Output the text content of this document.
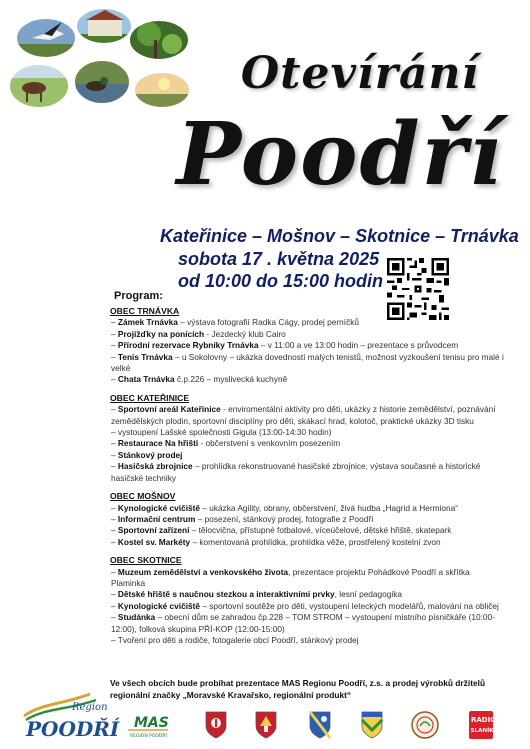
Otevírání
Poodří
Kateřinice – Mošnov – Skotnice – Trnávka
sobota 17 . května 2025
od 10:00 do 15:00 hodin
Program:
OBEC TRNÁVKA
– Zámek Trnávka – výstava fotografií Radka Cágy, prodej perníčků
– Projížďky na ponících - Jezdecký klub Cairo
– Přírodní rezervace Rybníky Trnávka – v 11:00 a ve 13:00 hodin – prezentace s průvodcem
– Tenis Trnávka – u Sokolovny – ukázka dovedností malých tenistů, možnost vyzkoušení tenisu pro malé i velké
– Chata Trnávka č.p.226 – myslivecká kuchyně
OBEC KATEŘINICE
– Sportovní areál Kateřinice - enviromentální aktivity pro děti, ukázky z historie zemědělství, poznávání zemědělských plodin, sportovní disciplíny pro děti, skákací hrad, kolotoč, praktické ukázky 3D tisku
– vystoupení Lašské společnosti Gigula (13:00-14:30 hodin)
– Restaurace Na hřišti - občerstvení s venkovním posezením
– Stánkový prodej
– Hasičská zbrojnice – prohlídka rekonstruované hasičské zbrojnice, výstava současné a historické hasičské techniky
OBEC MOŠNOV
– Kynologické cvičiště – ukázka Agility, obrany, občerstvení, živá hudba „Hagrid a Hermiona“
– Informační centrum – posezení, stánkový prodej, fotografie z Poodří
– Sportovní zařízení – tělocvična, přístupné fotbalové, víceúčelové, dětské hřiště, skatepark
– Kostel sv. Markéty – komentovaná prohlídka, prohlídka věže, prostřelený kostelní zvon
OBEC SKOTNICE
– Muzeum zemědělství a venkovského života, prezentace projektu Pohádkové Poodří a skřítka Plaminka
– Dětské hřiště s naučnou stezkou a interaktivními prvky, lesní pedagogika
– Kynologické cvičiště – sportovní soutěže pro děti, vystoupení leteckých modelářů, malování na obličej
– Studánka – obecní dům se zahradou čp.228 – TOM STROM – vystoupení místního písničkáře (10:00-12:00), folková skupina PŘÍ-KOP (12:00-15:00)
– Tvoření pro děti a rodiče, fotogalerie obcí Poodří, stánkový prodej
Ve všech obcích bude probíhat prezentace MAS Regionu Poodří, z.s. a prodej výrobků držitelů regionální značky „Moravské Kravařsko, regionální produkt“
Region
POODŘÍ MAS
REGION POODŘÍ
RADIO
SLANÍK
